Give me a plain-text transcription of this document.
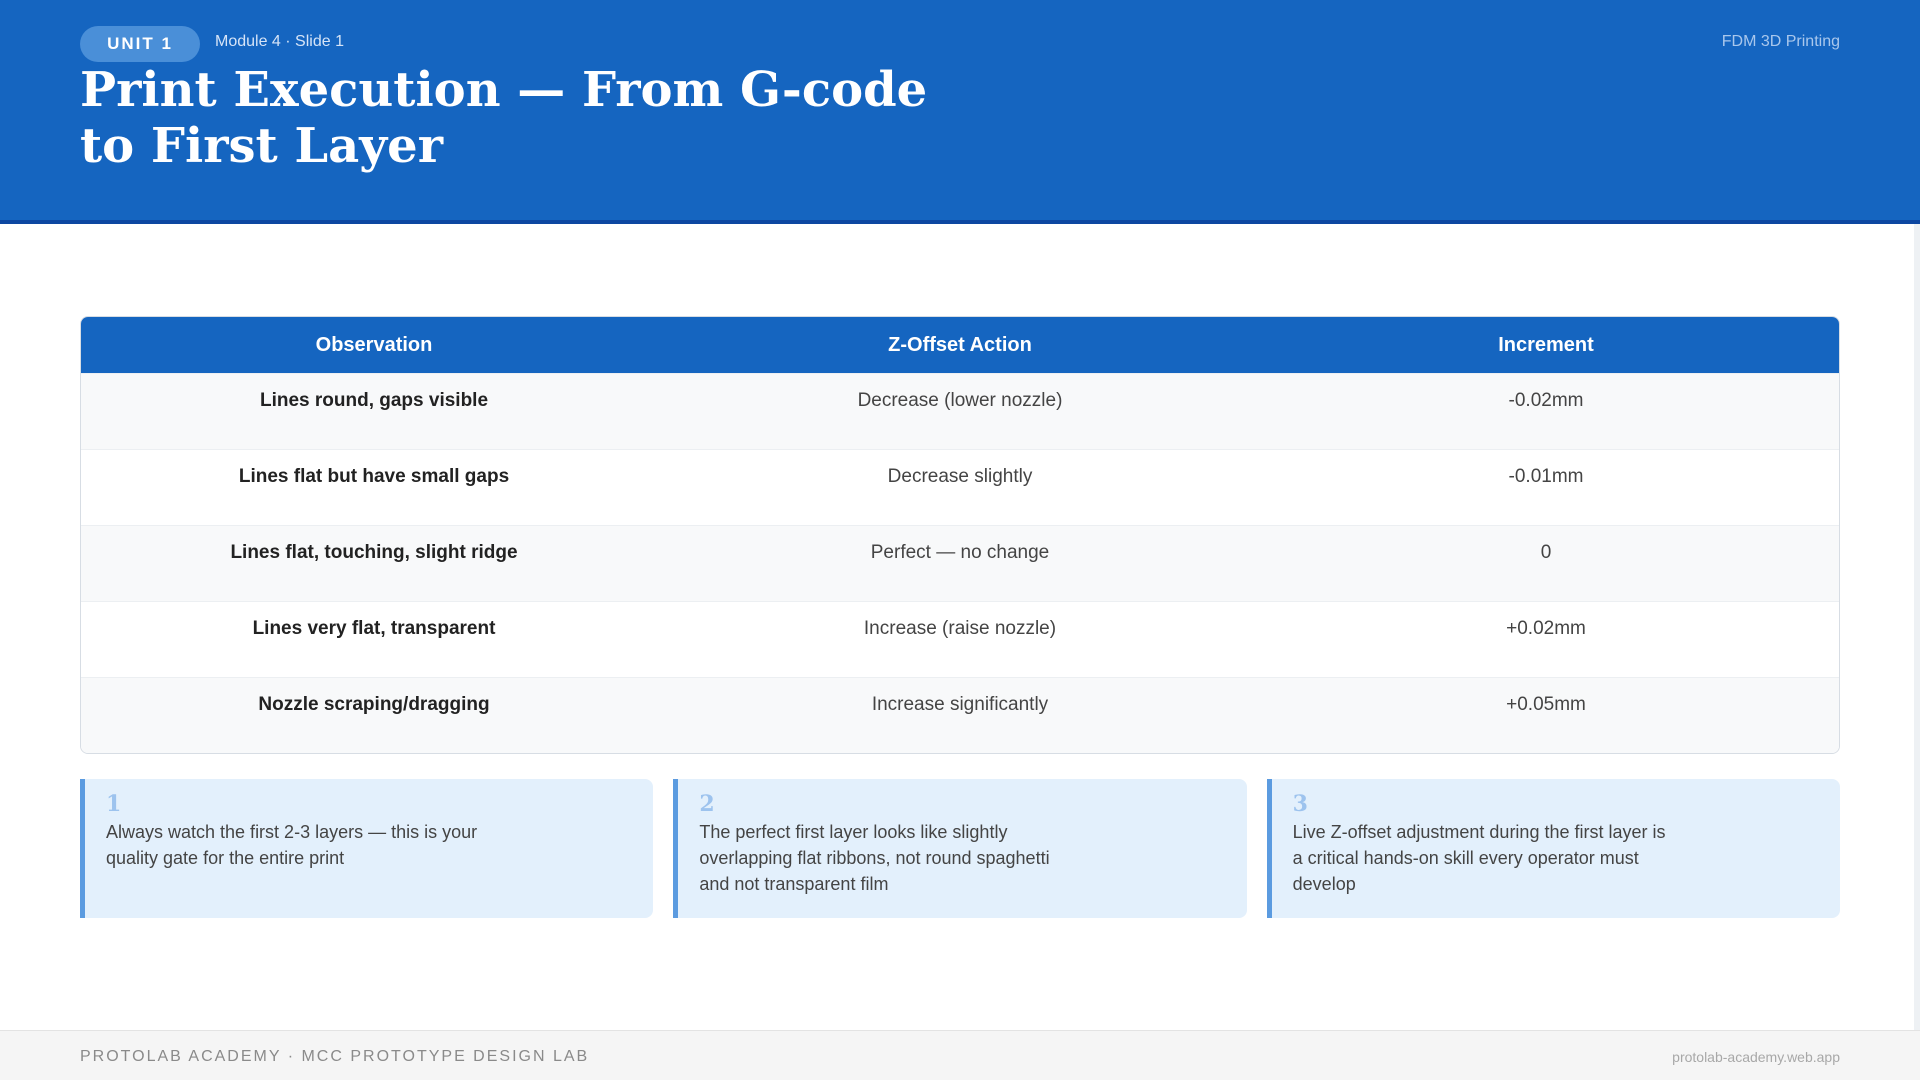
UNIT 1	Module 4 · Slide 1	FDM 3D Printing
Print Execution — From G-code to First Layer
Observation	Z-Offset Action	Increment
Lines round, gaps visible	Decrease (lower nozzle)	-0.02mm
Lines flat but have small gaps	Decrease slightly	-0.01mm
Lines flat, touching, slight ridge	Perfect — no change	0
Lines very flat, transparent	Increase (raise nozzle)	+0.02mm
Nozzle scraping/dragging	Increase significantly	+0.05mm
1
Always watch the first 2-3 layers — this is your quality gate for the entire print
2
The perfect first layer looks like slightly overlapping flat ribbons, not round spaghetti and not transparent film
3
Live Z-offset adjustment during the first layer is a critical hands-on skill every operator must develop
PROTOLAB ACADEMY · MCC PROTOTYPE DESIGN LAB	protolab-academy.web.app
